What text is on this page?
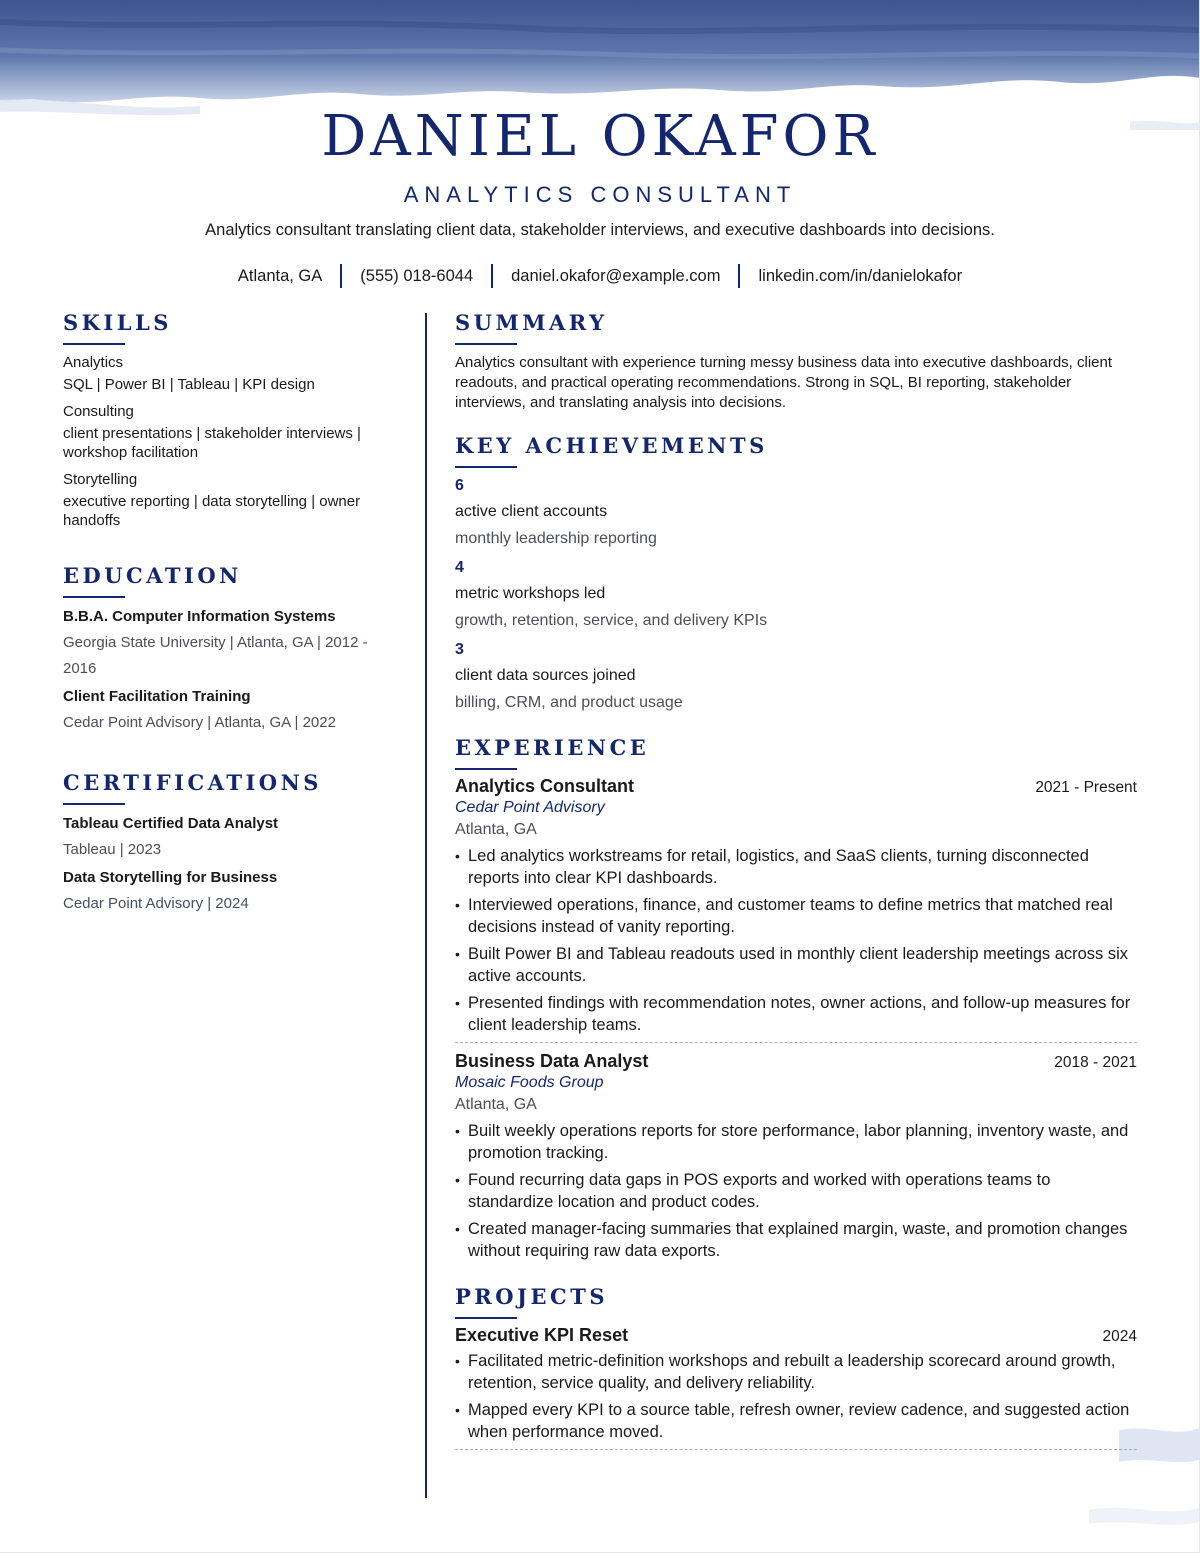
DANIEL OKAFOR
ANALYTICS CONSULTANT
Analytics consultant translating client data, stakeholder interviews, and executive dashboards into decisions.
Atlanta, GA (555) 018-6044 daniel.okafor@example.com linkedin.com/in/danielokafor
SKILLS
Analytics
SQL | Power BI | Tableau | KPI design
Consulting
client presentations | stakeholder interviews | workshop facilitation
Storytelling
executive reporting | data storytelling | owner handoffs
EDUCATION
B.B.A. Computer Information Systems
Georgia State University | Atlanta, GA | 2012 - 2016
Client Facilitation Training
Cedar Point Advisory | Atlanta, GA | 2022
CERTIFICATIONS
Tableau Certified Data Analyst
Tableau | 2023
Data Storytelling for Business
Cedar Point Advisory | 2024
SUMMARY

Analytics consultant with experience turning messy business data into executive dashboards, client readouts, and practical operating recommendations. Strong in SQL, BI reporting, stakeholder interviews, and translating analysis into decisions.

KEY ACHIEVEMENTS
6
active client accounts
monthly leadership reporting
4
metric workshops led
growth, retention, service, and delivery KPIs
3
client data sources joined
billing, CRM, and product usage
EXPERIENCE
Analytics Consultant	2021 - Present
Cedar Point Advisory
Atlanta, GA
• Led analytics workstreams for retail, logistics, and SaaS clients, turning disconnected reports into clear KPI dashboards.
• Interviewed operations, finance, and customer teams to define metrics that matched real decisions instead of vanity reporting.
• Built Power BI and Tableau readouts used in monthly client leadership meetings across six active accounts.
• Presented findings with recommendation notes, owner actions, and follow-up measures for client leadership teams.
Business Data Analyst	2018 - 2021
Mosaic Foods Group
Atlanta, GA
• Built weekly operations reports for store performance, labor planning, inventory waste, and promotion tracking.
• Found recurring data gaps in POS exports and worked with operations teams to standardize location and product codes.
• Created manager-facing summaries that explained margin, waste, and promotion changes without requiring raw data exports.
PROJECTS
Executive KPI Reset	2024
• Facilitated metric-definition workshops and rebuilt a leadership scorecard around growth, retention, service quality, and delivery reliability.
• Mapped every KPI to a source table, refresh owner, review cadence, and suggested action when performance moved.
